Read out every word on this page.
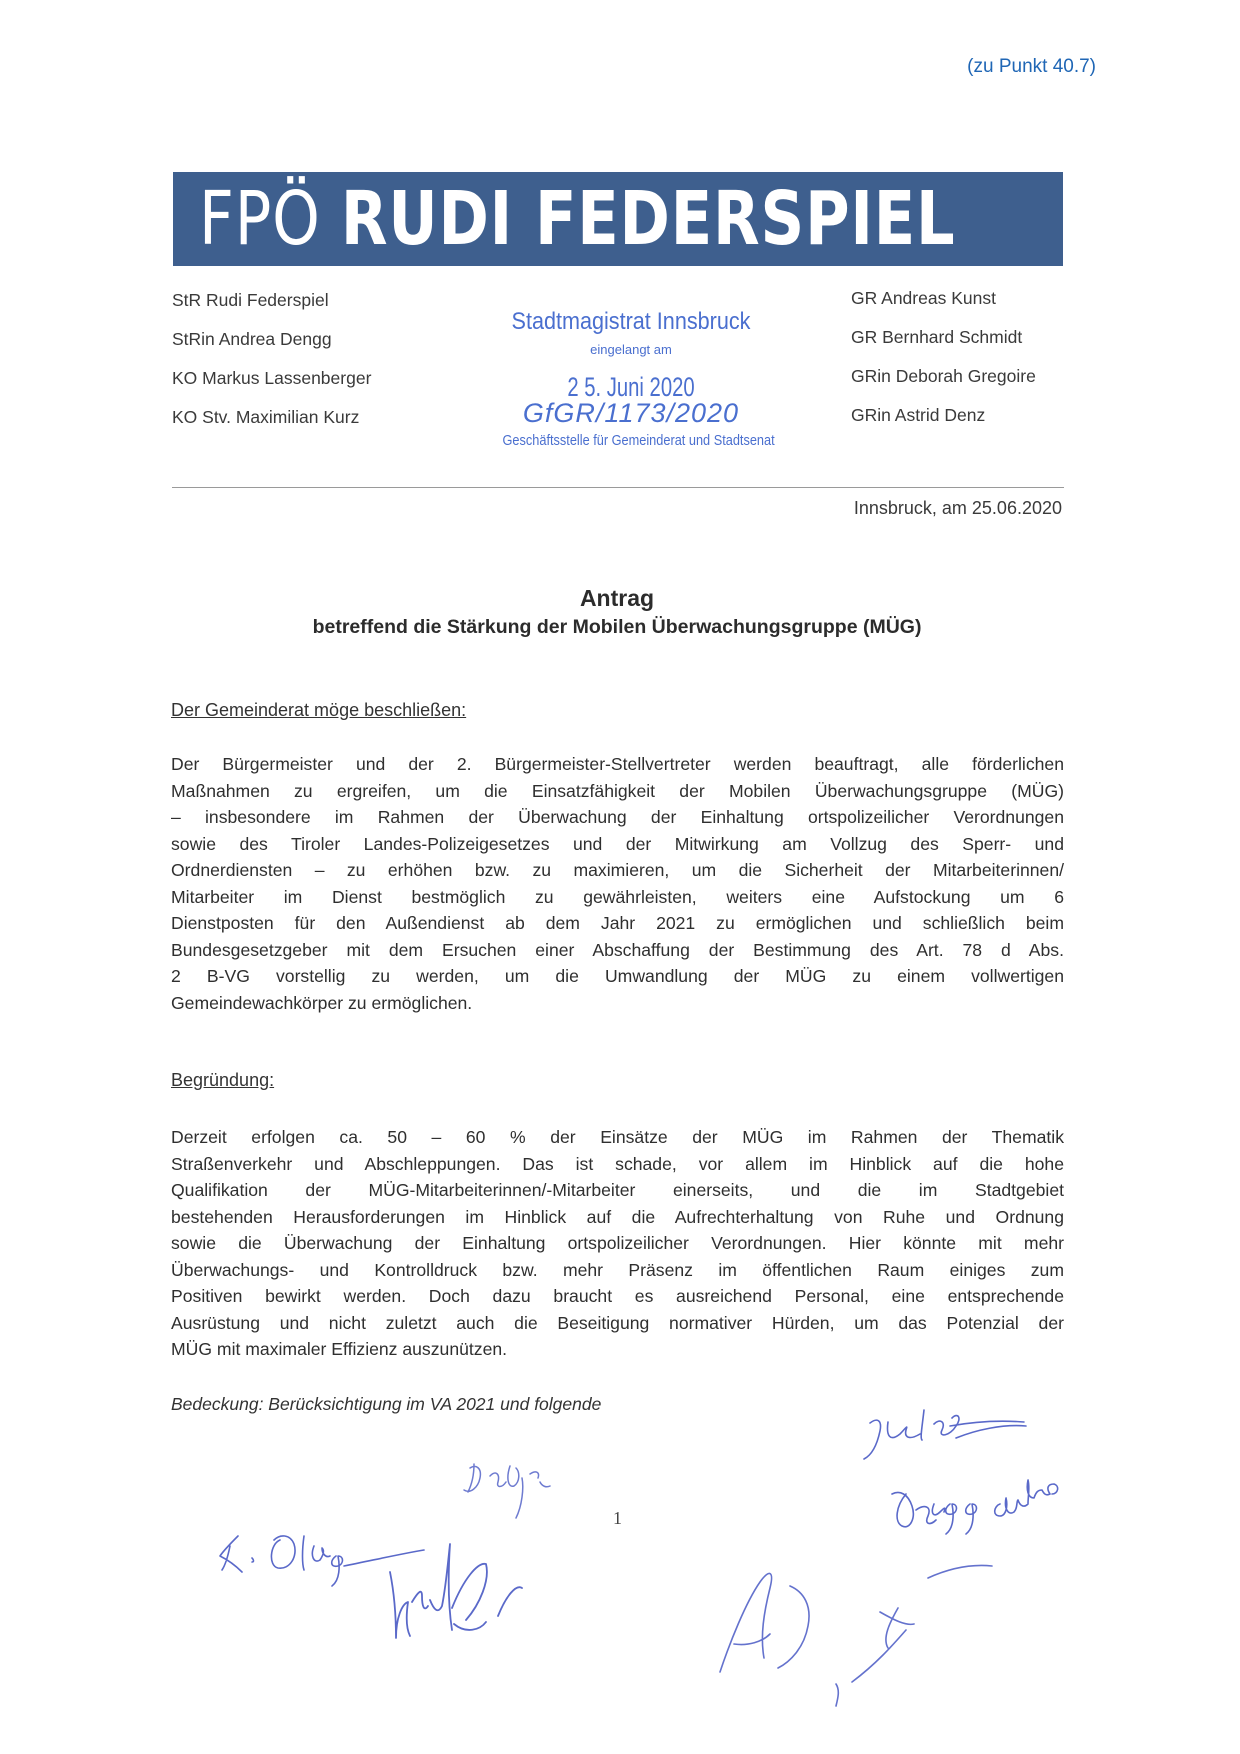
(zu Punkt 40.7)
FPÖ RUDI FEDERSPIEL
StR Rudi Federspiel
StRin Andrea Dengg
KO Markus Lassenberger
KO Stv. Maximilian Kurz
GR Andreas Kunst
GR Bernhard Schmidt
GRin Deborah Gregoire
GRin Astrid Denz
Stadtmagistrat Innsbruck
eingelangt am
2 5. Juni 2020
GfGR/1173/2020
Geschäftsstelle für Gemeinderat und Stadtsenat
Innsbruck, am 25.06.2020
Antrag
betreffend die Stärkung der Mobilen Überwachungsgruppe (MÜG)
Der Gemeinderat möge beschließen:
Der Bürgermeister und der 2. Bürgermeister-Stellvertreter werden beauftragt, alle förderlichen
Maßnahmen zu ergreifen, um die Einsatzfähigkeit der Mobilen Überwachungsgruppe (MÜG)
– insbesondere im Rahmen der Überwachung der Einhaltung ortspolizeilicher Verordnungen
sowie des Tiroler Landes-Polizeigesetzes und der Mitwirkung am Vollzug des Sperr- und
Ordnerdiensten – zu erhöhen bzw. zu maximieren, um die Sicherheit der Mitarbeiterinnen/
Mitarbeiter im Dienst bestmöglich zu gewährleisten, weiters eine Aufstockung um 6
Dienstposten für den Außendienst ab dem Jahr 2021 zu ermöglichen und schließlich beim
Bundesgesetzgeber mit dem Ersuchen einer Abschaffung der Bestimmung des Art. 78 d Abs.
2 B-VG vorstellig zu werden, um die Umwandlung der MÜG zu einem vollwertigen
Gemeindewachkörper zu ermöglichen.
Begründung:
Derzeit erfolgen ca. 50 – 60 % der Einsätze der MÜG im Rahmen der Thematik
Straßenverkehr und Abschleppungen. Das ist schade, vor allem im Hinblick auf die hohe
Qualifikation der MÜG-Mitarbeiterinnen/-Mitarbeiter einerseits, und die im Stadtgebiet
bestehenden Herausforderungen im Hinblick auf die Aufrechterhaltung von Ruhe und Ordnung
sowie die Überwachung der Einhaltung ortspolizeilicher Verordnungen. Hier könnte mit mehr
Überwachungs- und Kontrolldruck bzw. mehr Präsenz im öffentlichen Raum einiges zum
Positiven bewirkt werden. Doch dazu braucht es ausreichend Personal, eine entsprechende
Ausrüstung und nicht zuletzt auch die Beseitigung normativer Hürden, um das Potenzial der
MÜG mit maximaler Effizienz auszunützen.
Bedeckung: Berücksichtigung im VA 2021 und folgende
1
